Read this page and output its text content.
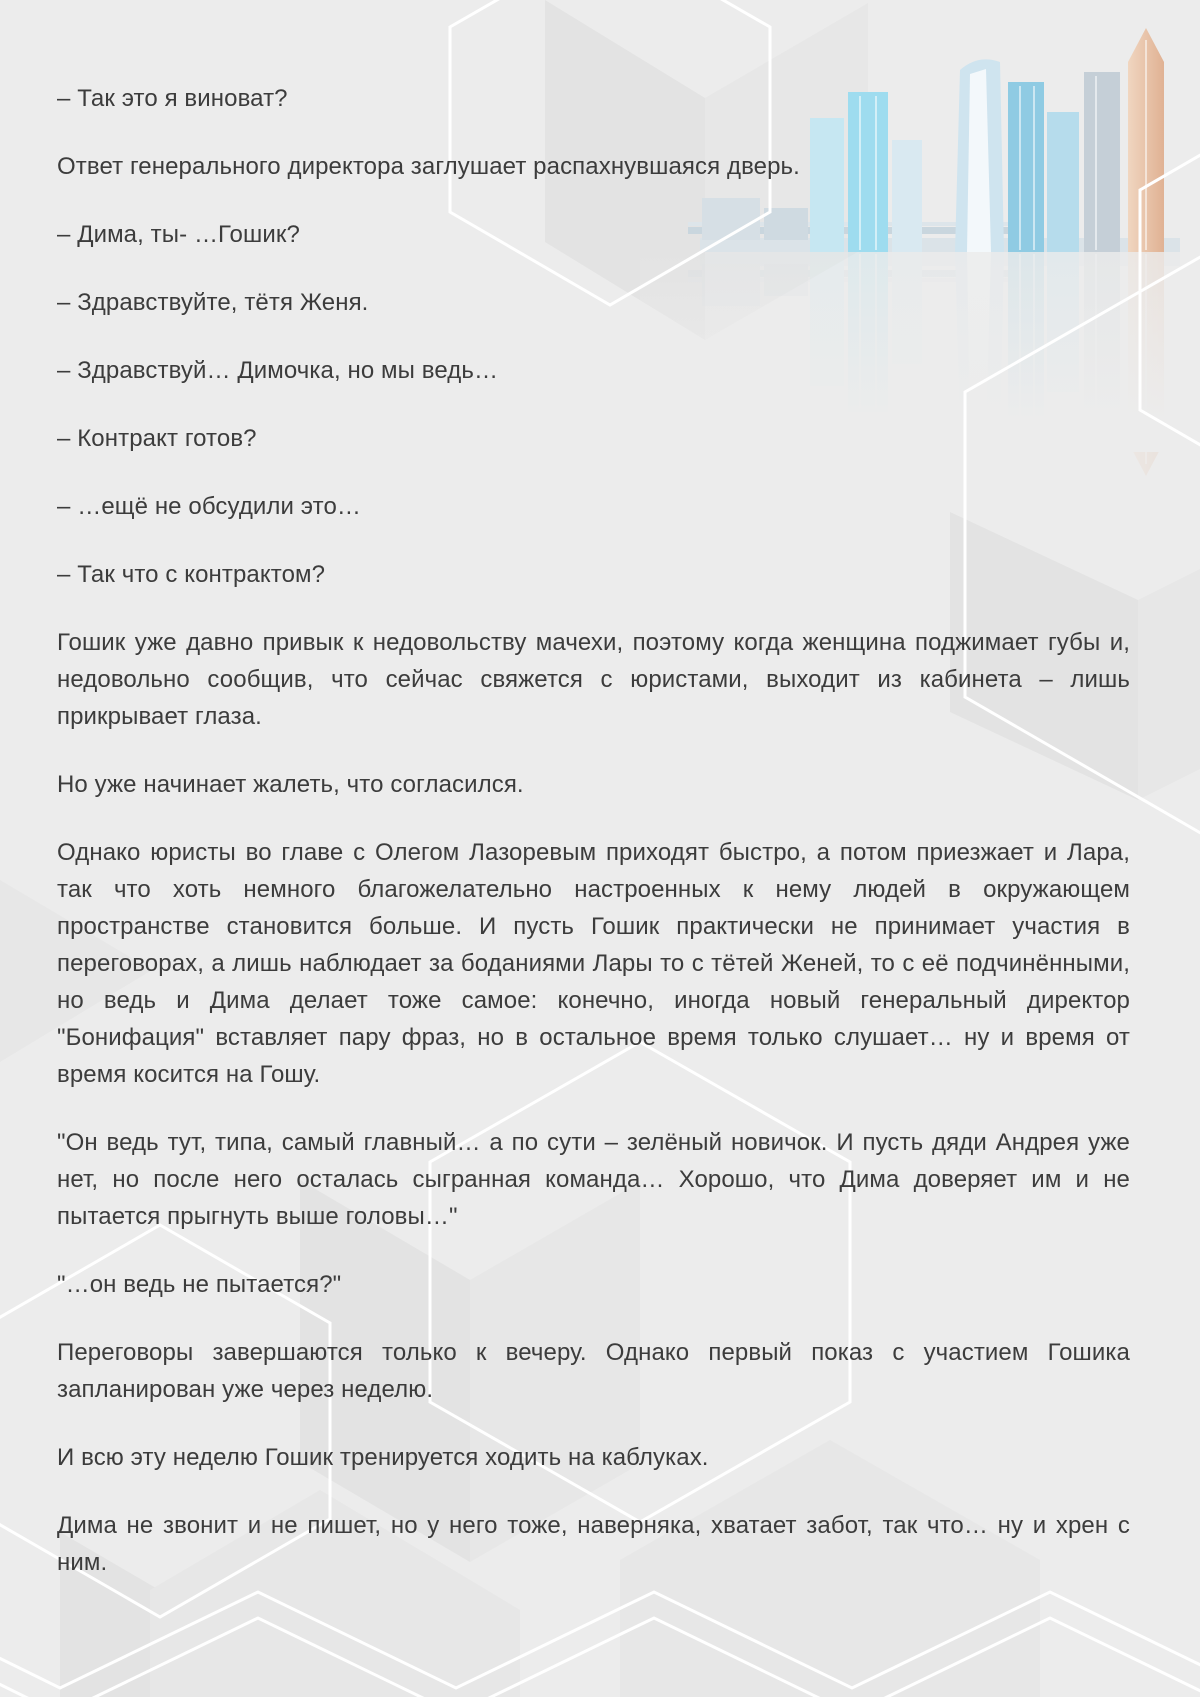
– Так это я виноват?

Ответ генерального директора заглушает распахнувшаяся дверь.

– Дима, ты- …Гошик?

– Здравствуйте, тётя Женя.

– Здравствуй… Димочка, но мы ведь…

– Контракт готов?

– …ещё не обсудили это…

– Так что с контрактом?

Гошик уже давно привык к недовольству мачехи, поэтому когда женщина поджимает губы и, недовольно сообщив, что сейчас свяжется с юристами, выходит из кабинета – лишь прикрывает глаза.

Но уже начинает жалеть, что согласился.

Однако юристы во главе с Олегом Лазоревым приходят быстро, а потом приезжает и Лара, так что хоть немного благожелательно настроенных к нему людей в окружающем пространстве становится больше. И пусть Гошик практически не принимает участия в переговорах, а лишь наблюдает за боданиями Лары то с тётей Женей, то с её подчинёнными, но ведь и Дима делает тоже самое: конечно, иногда новый генеральный директор "Бонифация" вставляет пару фраз, но в остальное время только слушает… ну и время от время косится на Гошу.

"Он ведь тут, типа, самый главный… а по сути – зелёный новичок. И пусть дяди Андрея уже нет, но после него осталась сыгранная команда… Хорошо, что Дима доверяет им и не пытается прыгнуть выше головы…"

"…он ведь не пытается?"

Переговоры завершаются только к вечеру. Однако первый показ с участием Гошика запланирован уже через неделю.

И всю эту неделю Гошик тренируется ходить на каблуках.

Дима не звонит и не пишет, но у него тоже, наверняка, хватает забот, так что… ну и хрен с ним.
